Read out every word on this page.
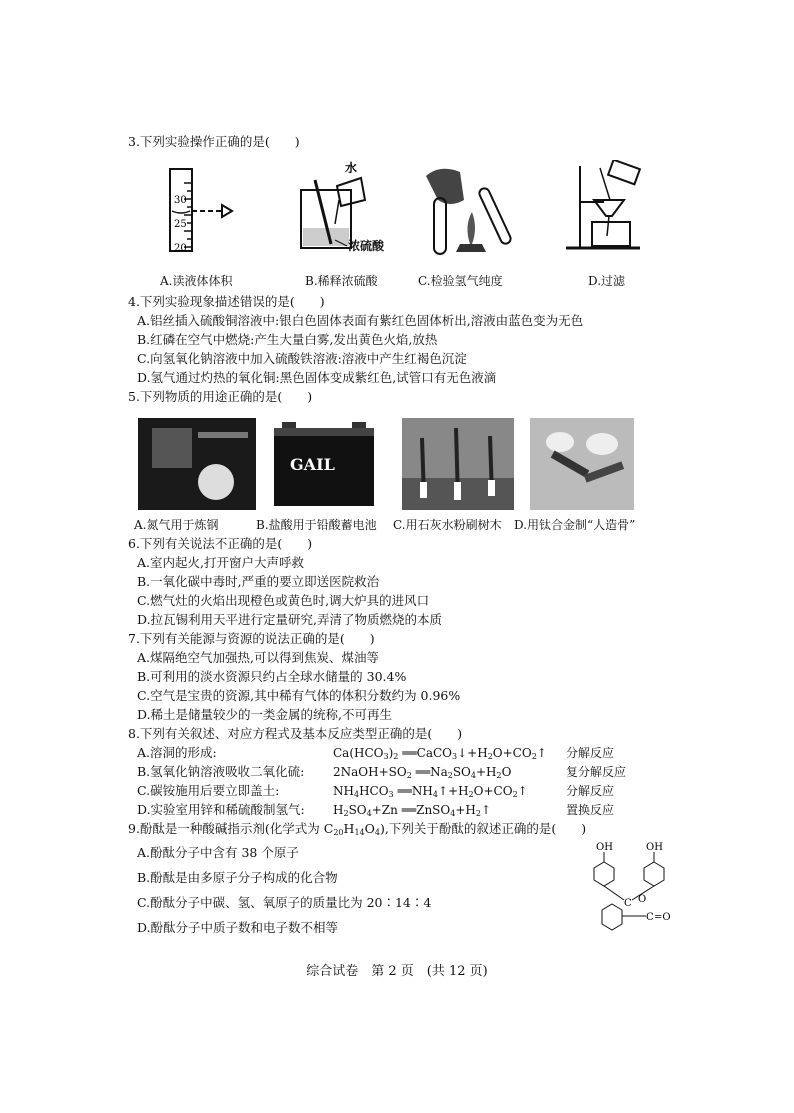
3.下列实验操作正确的是(　　)
30
25
20
水
浓硫酸
A.读液体体积	B.稀释浓硫酸	C.检验氢气纯度	D.过滤
4.下列实验现象描述错误的是(　　)
A.铝丝插入硫酸铜溶液中:银白色固体表面有紫红色固体析出,溶液由蓝色变为无色
B.红磷在空气中燃烧:产生大量白雾,发出黄色火焰,放热
C.向氢氧化钠溶液中加入硫酸铁溶液:溶液中产生红褐色沉淀
D.氢气通过灼热的氧化铜:黑色固体变成紫红色,试管口有无色液滴
5.下列物质的用途正确的是(　　)
GAIL
A.氮气用于炼钢	B.盐酸用于铅酸蓄电池 C.用石灰水粉刷树木 D.用钛合金制“人造骨”
6.下列有关说法不正确的是(　　)
A.室内起火,打开窗户大声呼救
B.一氧化碳中毒时,严重的要立即送医院救治
C.燃气灶的火焰出现橙色或黄色时,调大炉具的进风口
D.拉瓦锡利用天平进行定量研究,弄清了物质燃烧的本质
7.下列有关能源与资源的说法正确的是(　　)
A.煤隔绝空气加强热,可以得到焦炭、煤油等
B.可利用的淡水资源只约占全球水储量的 30.4%
C.空气是宝贵的资源,其中稀有气体的体积分数约为 0.96%
D.稀土是储量较少的一类金属的统称,不可再生
8.下列有关叙述、对应方程式及基本反应类型正确的是(　　)
A.溶洞的形成:	$Ca(HCO_3)_2$ $══CaCO_3↓+H_2O+CO_2↑$ 分解反应
B.氢氧化钠溶液吸收二氧化硫: $2NaOH+SO_2$ $══Na_2SO_4+H_2O$	复分解反应
C.碳铵施用后要立即盖土:	$NH_4HCO_3$ $══NH_4↑+H_2O+CO_2↑$	分解反应
D.实验室用锌和稀硫酸制氢气: $H_2SO_4+Zn$ $══ZnSO_4+H_2↑$	置换反应
9.酚酞是一种酸碱指示剂(化学式为 $C_{20}H_{14}O_4$),下列关于酚酞的叙述正确的是(　　)
A.酚酞分子中含有 38 个原子
B.酚酞是由多原子分子构成的化合物
C.酚酞分子中碳、氢、氧原子的质量比为 20∶14∶4
D.酚酞分子中质子数和电子数不相等
OH	OH
C O
C =O
综合试卷　第 2 页　(共 12 页)
